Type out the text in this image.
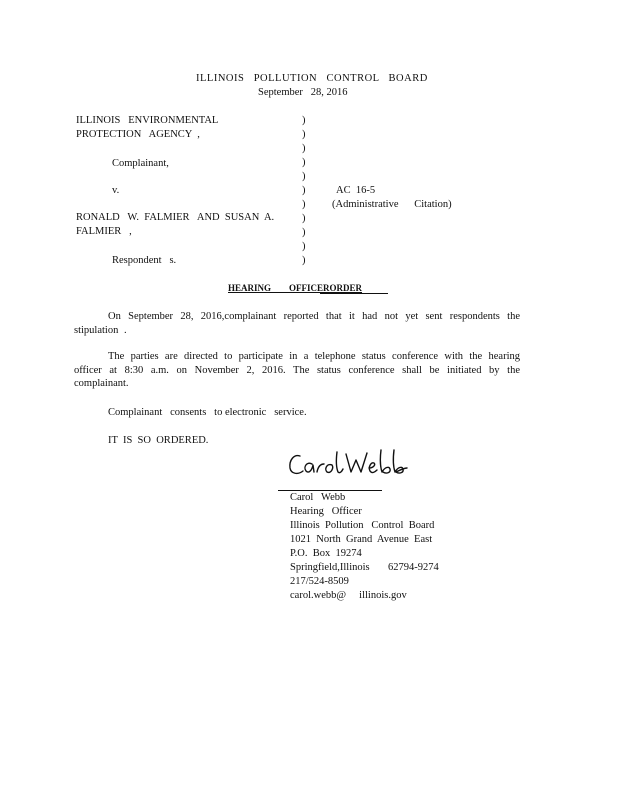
ILLINOIS   POLLUTION   CONTROL   BOARD
September   28, 2016
ILLINOIS   ENVIRONMENTAL
PROTECTION   AGENCY  ,
Complainant,
v.
RONALD   W.  FALMIER   AND  SUSAN  A.
FALMIER   ,
Respondent   s.
)
)
)
)
)
)
)
)
)
)
)
AC  16-5
(Administrative      Citation)
HEARING        OFFICERORDER
On September 28, 2016,complainant reported that it had not yet sent respondents the stipulation .
The parties are directed to participate in a telephone status conference with the hearing officer at 8:30 a.m. on November 2, 2016. The status conference shall be initiated by the complainant.
Complainant   consents   to electronic   service.
IT  IS  SO  ORDERED.
Carol   Webb
Hearing   Officer
Illinois  Pollution   Control  Board
1021  North  Grand  Avenue  East
P.O.  Box  19274
Springfield,Illinois       62794-9274
217/524-8509
carol.webb@     illinois.gov
